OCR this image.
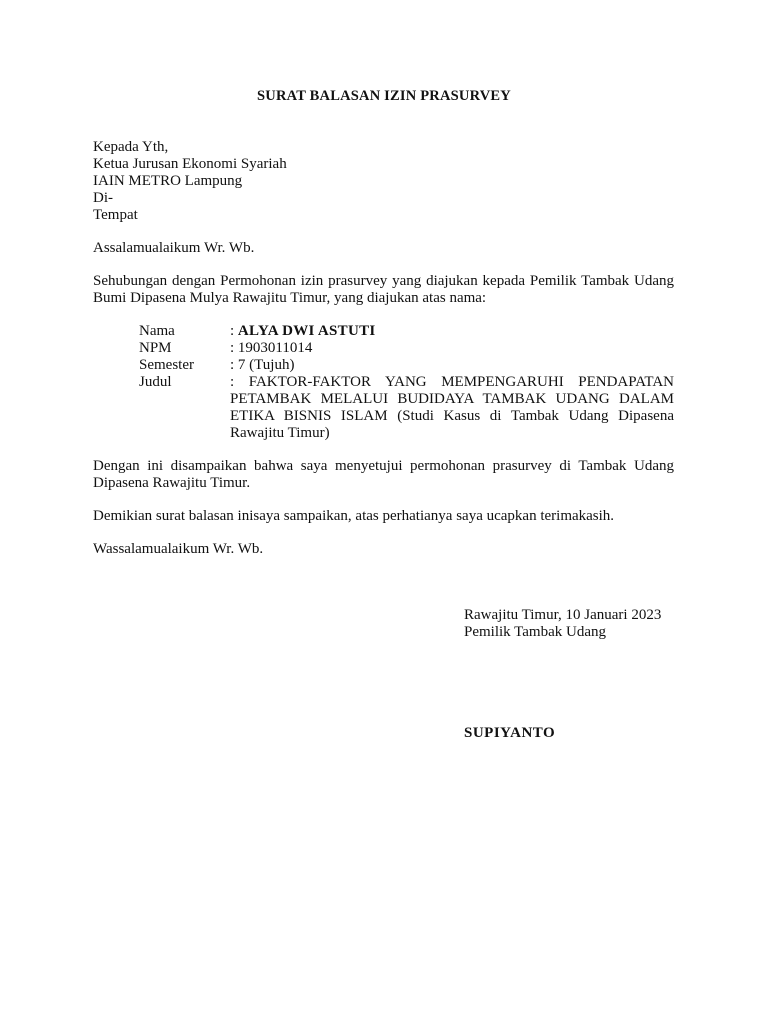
SURAT BALASAN IZIN PRASURVEY
Kepada Yth,
Ketua Jurusan Ekonomi Syariah
IAIN METRO Lampung
Di-
Tempat
Assalamualaikum Wr. Wb.
Sehubungan dengan Permohonan izin prasurvey yang diajukan kepada Pemilik Tambak Udang Bumi Dipasena Mulya Rawajitu Timur, yang diajukan atas nama:
Nama	: ALYA DWI ASTUTI
NPM	: 1903011014
Semester	: 7 (Tujuh)
Judul	: FAKTOR-FAKTOR YANG MEMPENGARUHI PENDAPATAN PETAMBAK MELALUI BUDIDAYA TAMBAK UDANG DALAM ETIKA BISNIS ISLAM (Studi Kasus di Tambak Udang Dipasena Rawajitu Timur)
Dengan ini disampaikan bahwa saya menyetujui permohonan prasurvey di Tambak Udang Dipasena Rawajitu Timur.
Demikian surat balasan inisaya sampaikan, atas perhatianya saya ucapkan terimakasih.
Wassalamualaikum Wr. Wb.
Rawajitu Timur, 10 Januari 2023
Pemilik Tambak Udang
SUPIYANTO
